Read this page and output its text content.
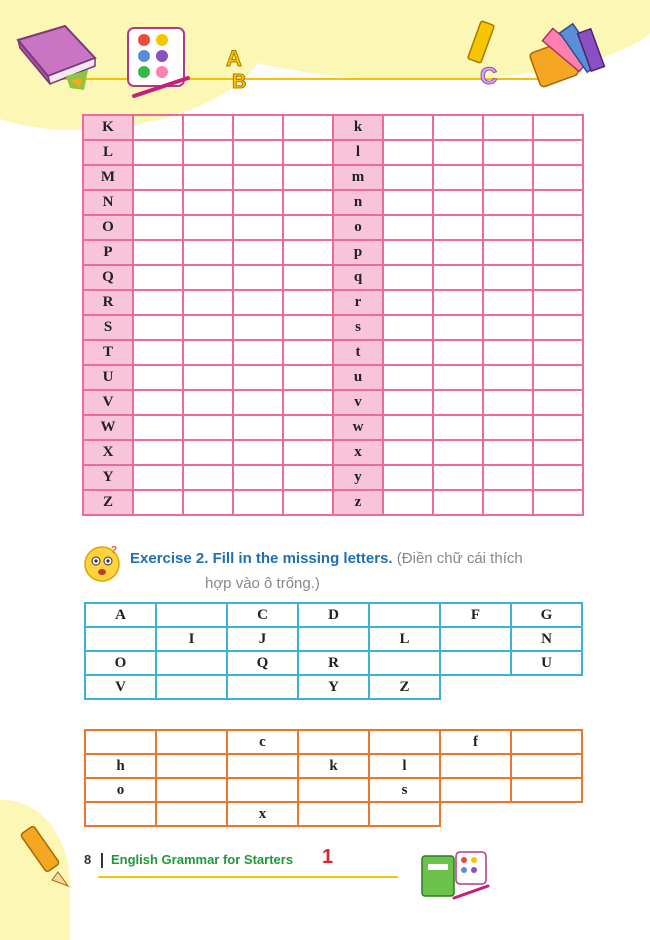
A
B	C
K					k				
L					l				
M					m				
N					n				
O					o				
P					p				
Q					q				
R					r				
S					s				
T					t				
U					u				
V					v				
W					w				
X					x				
Y					y				
Z					z				
? Exercise 2. Fill in the missing letters. (Điền chữ cái thích
hợp vào ô trống.)
A		C	D		F	G
	I	J		L		N
O		Q	R			U
V			Y	Z		
		c			f	
h			k	l		
o				s		
		x				
8 English Grammar for Starters 1
